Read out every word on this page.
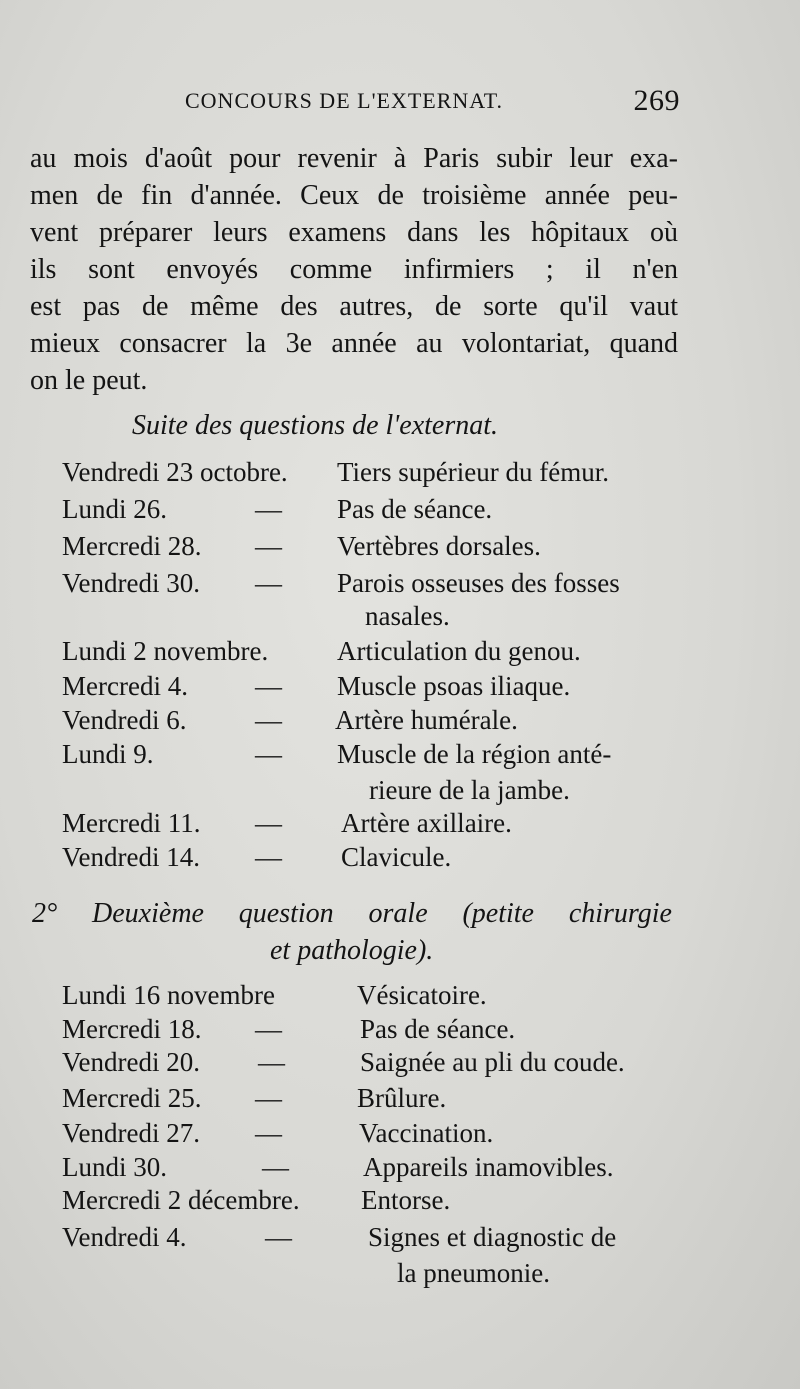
CONCOURS DE L'EXTERNAT.	269
au mois d'août pour revenir à Paris subir leur exa-
men de fin d'année. Ceux de troisième année peu-
vent préparer leurs examens dans les hôpitaux où
ils sont envoyés comme infirmiers ; il n'en
est pas de même des autres, de sorte qu'il vaut
mieux consacrer la 3e année au volontariat, quand
on le peut.
Suite des questions de l'externat.
Vendredi 23 octobre. Tiers supérieur du fémur.
Lundi 26.	— Pas de séance.
Mercredi 28. — Vertèbres dorsales.
Vendredi 30. — Parois osseuses des fosses
nasales.
Lundi 2 novembre.	Articulation du genou.
Mercredi 4. — Muscle psoas iliaque.
Vendredi 6.	— Artère humérale.
Lundi 9.	— Muscle de la région anté-
rieure de la jambe.
Mercredi 11. — Artère axillaire.
Vendredi 14. — Clavicule.
2° Deuxième question orale (petite chirurgie
et pathologie).
Lundi 16 novembre	Vésicatoire.
Mercredi 18. —	Pas de séance.
Vendredi 20. —	Saignée au pli du coude.
Mercredi 25. —	Brûlure.
Vendredi 27. —	Vaccination.
Lundi 30.	—	Appareils inamovibles.
Mercredi 2 décembre. Entorse.
Vendredi 4.	—	Signes et diagnostic de
la pneumonie.
